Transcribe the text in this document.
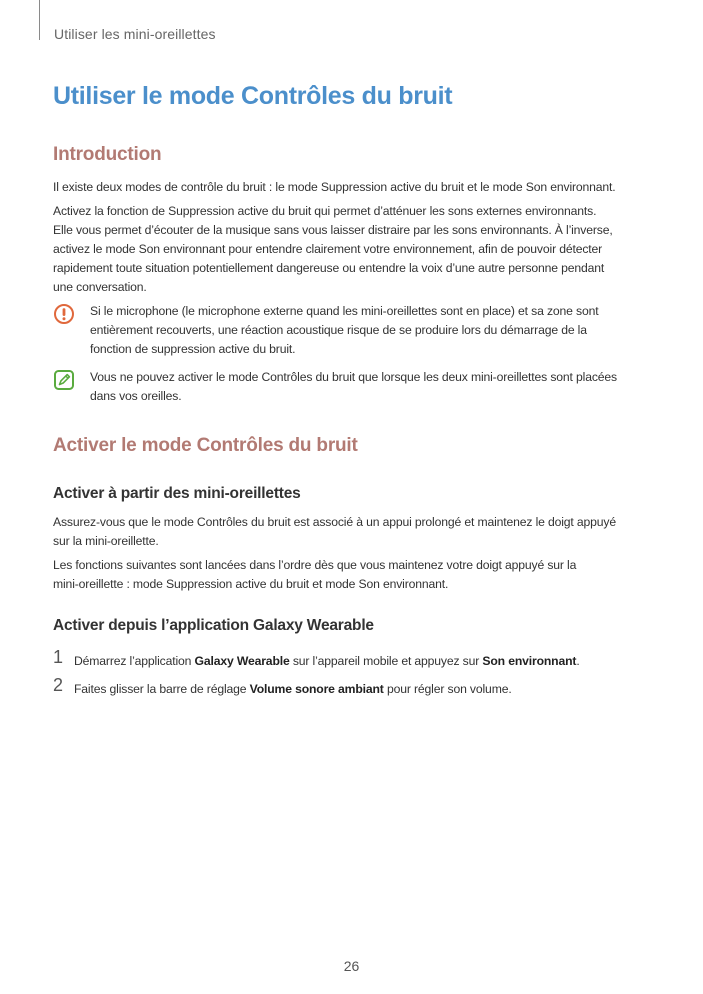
Utiliser les mini-oreillettes
Utiliser le mode Contrôles du bruit
Introduction

Il existe deux modes de contrôle du bruit : le mode Suppression active du bruit et le mode Son environnant.

Activez la fonction de Suppression active du bruit qui permet d’atténuer les sons externes environnants.
Elle vous permet d’écouter de la musique sans vous laisser distraire par les sons environnants. À l’inverse,
activez le mode Son environnant pour entendre clairement votre environnement, afin de pouvoir détecter
rapidement toute situation potentiellement dangereuse ou entendre la voix d’une autre personne pendant
une conversation.

Si le microphone (le microphone externe quand les mini-oreillettes sont en place) et sa zone sont
entièrement recouverts, une réaction acoustique risque de se produire lors du démarrage de la
fonction de suppression active du bruit.

Vous ne pouvez activer le mode Contrôles du bruit que lorsque les deux mini-oreillettes sont placées
dans vos oreilles.

Activer le mode Contrôles du bruit
Activer à partir des mini-oreillettes

Assurez-vous que le mode Contrôles du bruit est associé à un appui prolongé et maintenez le doigt appuyé
sur la mini-oreillette.

Les fonctions suivantes sont lancées dans l’ordre dès que vous maintenez votre doigt appuyé sur la
mini-oreillette : mode Suppression active du bruit et mode Son environnant.

Activer depuis l’application Galaxy Wearable
1 Démarrez l’application Galaxy Wearable sur l’appareil mobile et appuyez sur Son environnant.
2 Faites glisser la barre de réglage Volume sonore ambiant pour régler son volume.
26
